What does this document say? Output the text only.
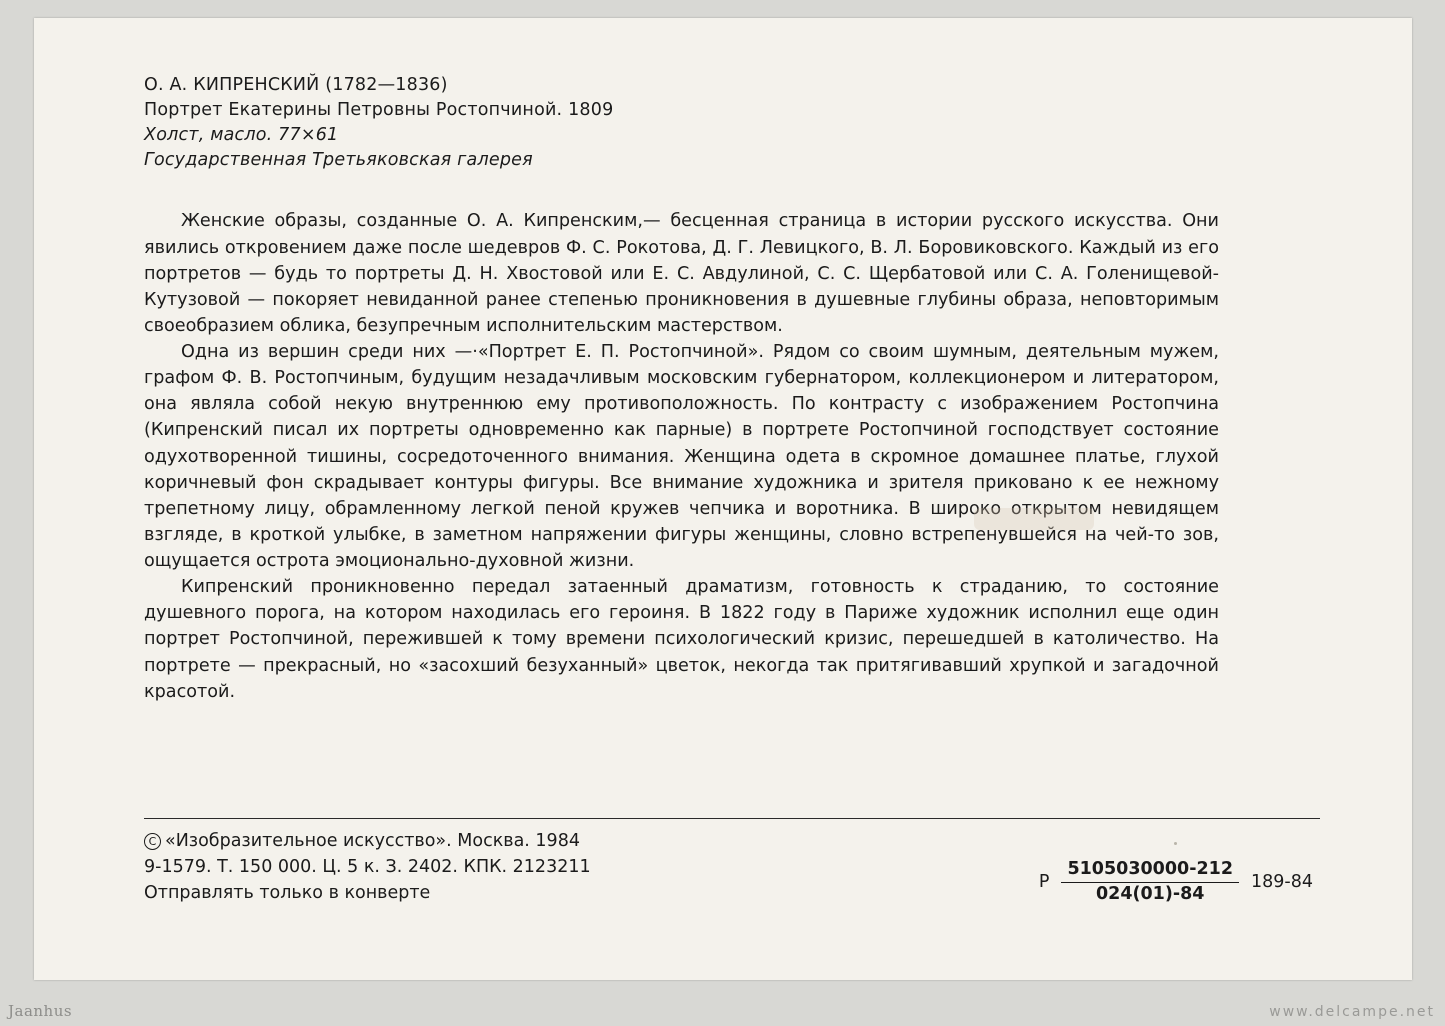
О. А. КИПРЕНСКИЙ (1782—1836)
Портрет Екатерины Петровны Ростопчиной. 1809
Холст, масло. 77×61
Государственная Третьяковская галерея

Женские образы, созданные О. А. Кипренским,— бесценная страница в истории русского искусства. Они явились откровением даже после шедевров Ф. С. Рокотова, Д. Г. Левицкого, В. Л. Боровиковского. Каждый из его портретов — будь то портреты Д. Н. Хвостовой или Е. С. Авдулиной, С. С. Щербатовой или С. А. Голенищевой-Кутузовой — покоряет невиданной ранее степенью проникновения в душевные глубины образа, неповторимым своеобразием облика, безупречным исполнительским мастерством.

Одна из вершин среди них —·«Портрет Е. П. Ростопчиной». Рядом со своим шумным, деятельным мужем, графом Ф. В. Ростопчиным, будущим незадачливым московским губернатором, коллекционером и литератором, она являла собой некую внутреннюю ему противоположность. По контрасту с изображением Ростопчина (Кипренский писал их портреты одновременно как парные) в портрете Ростопчиной господствует состояние одухотворенной тишины, сосредоточенного внимания. Женщина одета в скромное домашнее платье, глухой коричневый фон скрадывает контуры фигуры. Все внимание художника и зрителя приковано к ее нежному трепетному лицу, обрамленному легкой пеной кружев чепчика и воротника. В широко открытом невидящем взгляде, в кроткой улыбке, в заметном напряжении фигуры женщины, словно встрепенувшейся на чей-то зов, ощущается острота эмоционально-духовной жизни.

Кипренский проникновенно передал затаенный драматизм, готовность к страданию, то состояние душевного порога, на котором находилась его героиня. В 1822 году в Париже художник исполнил еще один портрет Ростопчиной, пережившей к тому времени психологический кризис, перешедшей в католичество. На портрете — прекрасный, но «засохший безуханный» цветок, некогда так притягивавший хрупкой и загадочной красотой.

C «Изобразительное искусство». Москва. 1984
9-1579. Т. 150 000. Ц. 5 к. З. 2402. КПК. 2123211
Отправлять только в конверте
Р $\frac{5105030000-212}{024(01)-84} 189-84$
Jaanhus	www.delcampe.net
